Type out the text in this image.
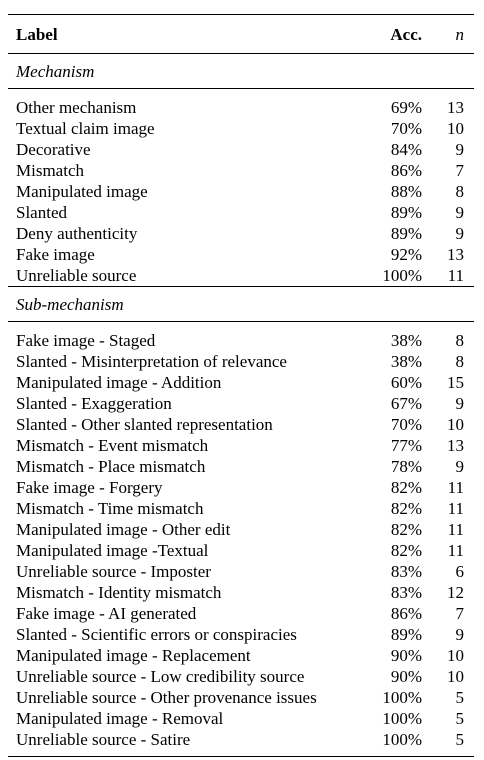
Label	Acc.	n
Mechanism		

Other mechanism	69%	13
Textual claim image	70%	10
Decorative	84%	9
Mismatch	86%	7
Manipulated image	88%	8
Slanted	89%	9
Deny authenticity	89%	9
Fake image	92%	13
Unreliable source	100%	11
Sub-mechanism		

Fake image - Staged	38%	8
Slanted - Misinterpretation of relevance	38%	8
Manipulated image - Addition	60%	15
Slanted - Exaggeration	67%	9
Slanted - Other slanted representation	70%	10
Mismatch - Event mismatch	77%	13
Mismatch - Place mismatch	78%	9
Fake image - Forgery	82%	11
Mismatch - Time mismatch	82%	11
Manipulated image - Other edit	82%	11
Manipulated image -Textual	82%	11
Unreliable source - Imposter	83%	6
Mismatch - Identity mismatch	83%	12
Fake image - AI generated	86%	7
Slanted - Scientific errors or conspiracies	89%	9
Manipulated image - Replacement	90%	10
Unreliable source - Low credibility source	90%	10
Unreliable source - Other provenance issues	100%	5
Manipulated image - Removal	100%	5
Unreliable source - Satire	100%	5
